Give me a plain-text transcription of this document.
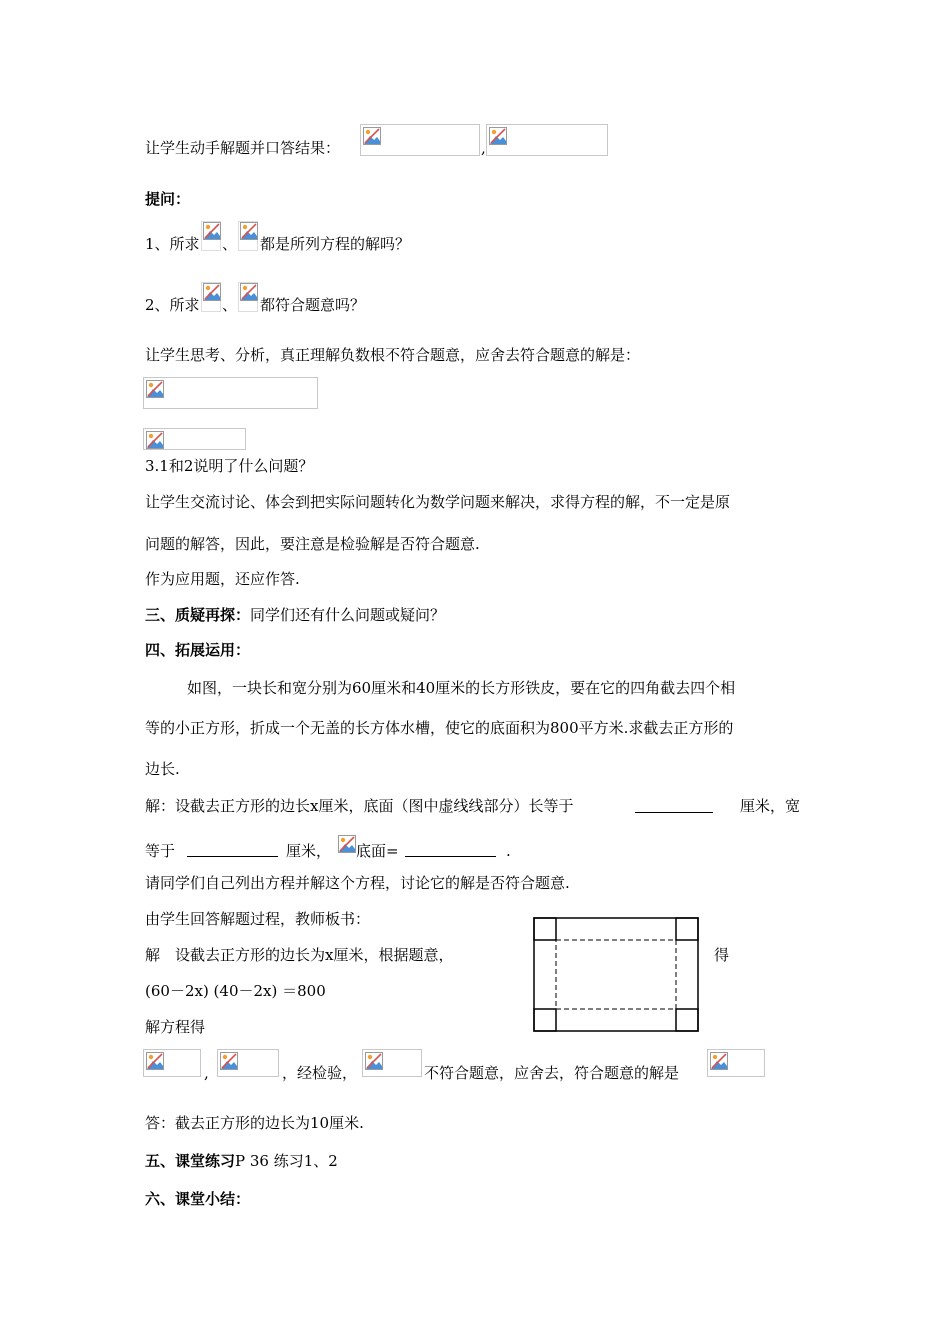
让学生动手解题并口答结果：	,
提问：
1、所求 、 都是所列方程的解吗？
2、所求 、 都符合题意吗？
让学生思考、分析，真正理解负数根不符合题意，应舍去符合题意的解是：
3.1和2说明了什么问题？
让学生交流讨论、体会到把实际问题转化为数学问题来解决，求得方程的解，不一定是原
问题的解答，因此，要注意是检验解是否符合题意.
作为应用题，还应作答.
三、质疑再探：同学们还有什么问题或疑问？
四、拓展运用：
如图，一块长和宽分别为60厘米和40厘米的长方形铁皮，要在它的四角截去四个相
等的小正方形，折成一个无盖的长方体水槽，使它的底面积为800平方米.求截去正方形的
边长.
解：设截去正方形的边长x厘米，底面（图中虚线线部分）长等于	厘米，宽
等于	厘米， 底面=	.
请同学们自己列出方程并解这个方程，讨论它的解是否符合题意.
由学生回答解题过程，教师板书：
解　设截去正方形的边长为x厘米，根据题意，	得
(60－2x) (40－2x) ＝800
解方程得
,	，经检验，	不符合题意，应舍去，符合题意的解是
答：截去正方形的边长为10厘米.
五、课堂练习P 36 练习1、2
六、课堂小结：
